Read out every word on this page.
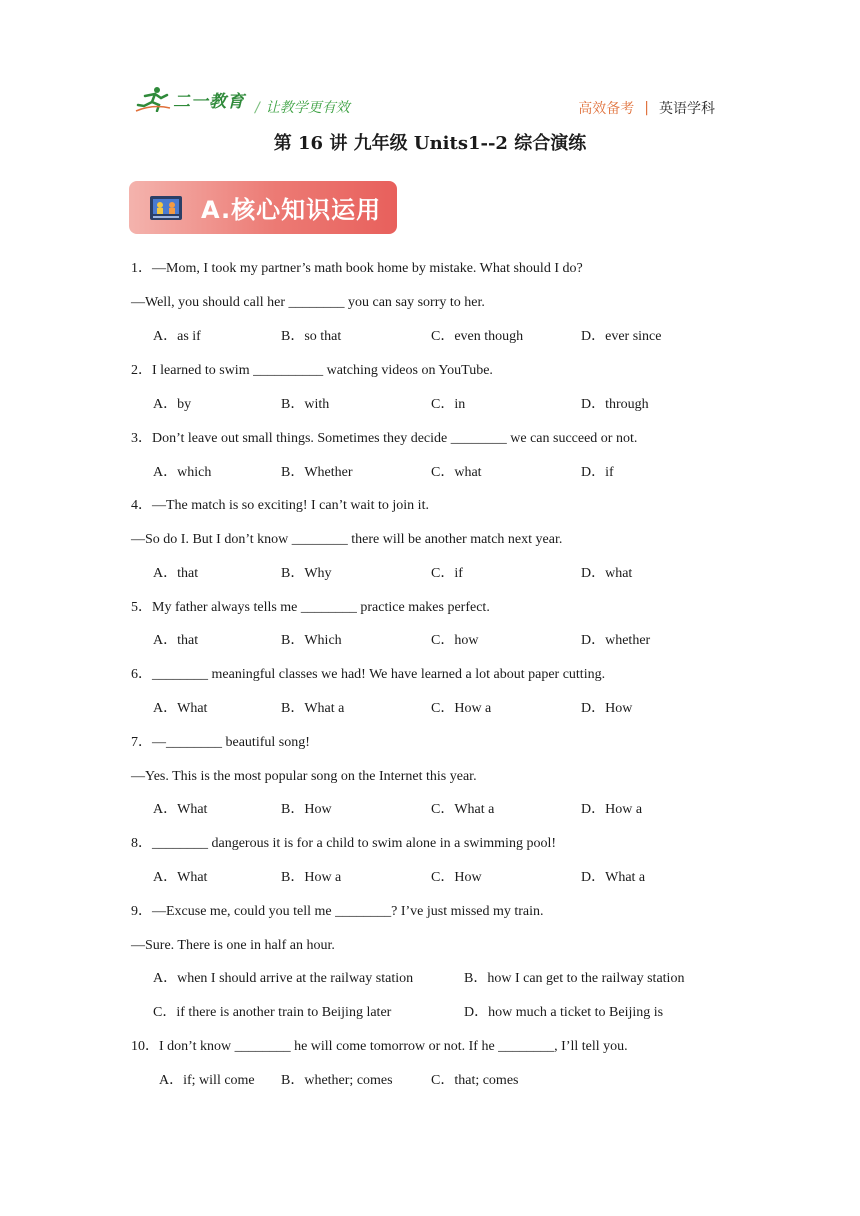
二一教育 / 让教学更有效	高效备考 | 英语学科
第 16 讲 九年级 Units1--2 综合演练
A.核心知识运用
1．—Mom, I took my partner’s math book home by mistake. What should I do?
—Well, you should call her ________ you can say sorry to her.
A．as if	B．so that	C．even though	D．ever since
2．I learned to swim __________ watching videos on YouTube.
A．by	B．with	C．in	D．through
3．Don’t leave out small things. Sometimes they decide ________ we can succeed or not.
A．which	B．Whether	C．what	D．if
4．—The match is so exciting! I can’t wait to join it.
—So do I. But I don’t know ________ there will be another match next year.
A．that	B．Why	C．if	D．what
5．My father always tells me ________ practice makes perfect.
A．that	B．Which	C．how	D．whether
6．________ meaningful classes we had! We have learned a lot about paper cutting.
A．What	B．What a	C．How a	D．How
7．—________ beautiful song!
—Yes. This is the most popular song on the Internet this year.
A．What	B．How	C．What a	D．How a
8．________ dangerous it is for a child to swim alone in a swimming pool!
A．What	B．How a	C．How	D．What a
9．—Excuse me, could you tell me ________? I’ve just missed my train.
—Sure. There is one in half an hour.
A．when I should arrive at the railway station	B．how I can get to the railway station
C．if there is another train to Beijing later	D．how much a ticket to Beijing is
10．I don’t know ________ he will come tomorrow or not. If he ________, I’ll tell you.
A．if; will come B．whether; comes	C．that; comes
